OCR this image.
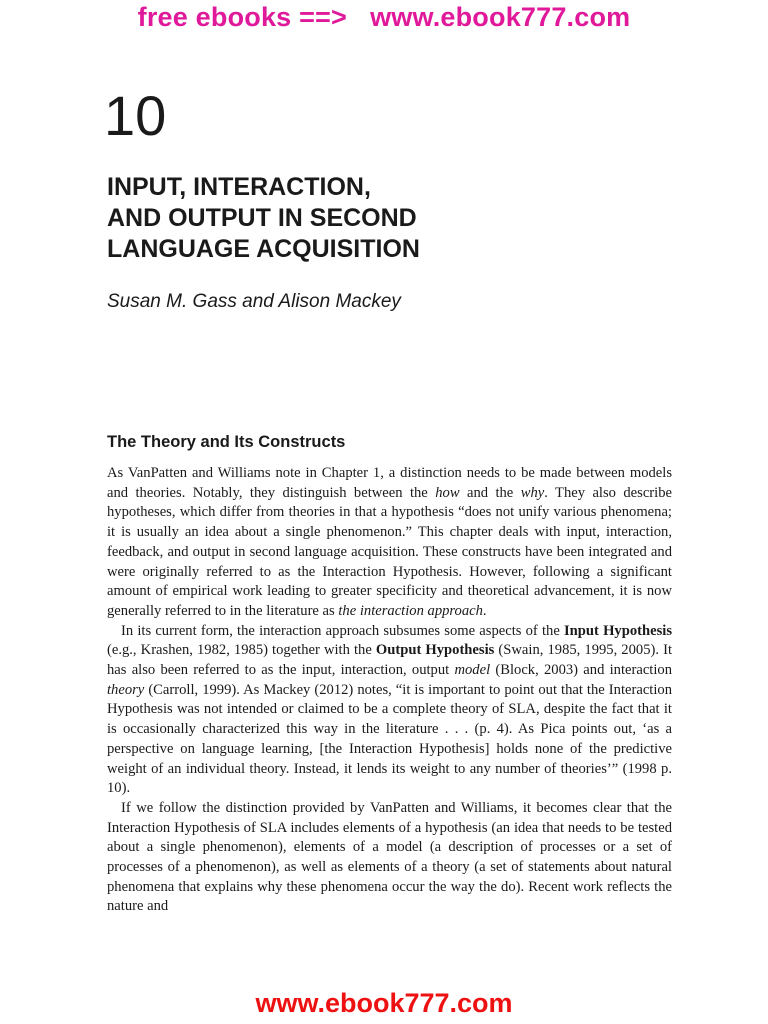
free ebooks ==>   www.ebook777.com
10
INPUT, INTERACTION,
AND OUTPUT IN SECOND
LANGUAGE ACQUISITION
Susan M. Gass and Alison Mackey
The Theory and Its Constructs

As VanPatten and Williams note in Chapter 1, a distinction needs to be made between models and theories. Notably, they distinguish between the how and the why. They also describe hypotheses, which differ from theories in that a hypothesis “does not unify various phenomena; it is usually an idea about a single phenomenon.” This chapter deals with input, interaction, feedback, and output in second language acquisition. These constructs have been integrated and were originally referred to as the Interaction Hypothesis. However, following a significant amount of empirical work leading to greater specificity and theoretical advancement, it is now generally referred to in the literature as the interaction approach.

In its current form, the interaction approach subsumes some aspects of the Input Hypothesis (e.g., Krashen, 1982, 1985) together with the Output Hypothesis (Swain, 1985, 1995, 2005). It has also been referred to as the input, interaction, output model (Block, 2003) and interaction theory (Carroll, 1999). As Mackey (2012) notes, “it is important to point out that the Interaction Hypothesis was not intended or claimed to be a complete theory of SLA, despite the fact that it is occasionally characterized this way in the literature . . . (p. 4). As Pica points out, ‘as a perspective on language learning, [the Interaction Hypothesis] holds none of the predictive weight of an individual theory. Instead, it lends its weight to any number of theories’” (1998 p. 10).

If we follow the distinction provided by VanPatten and Williams, it becomes clear that the Interaction Hypothesis of SLA includes elements of a hypothesis (an idea that needs to be tested about a single phenomenon), elements of a model (a description of processes or a set of processes of a phenomenon), as well as elements of a theory (a set of statements about natural phenomena that explains why these phenomena occur the way the do). Recent work reflects the nature and

www.ebook777.com
